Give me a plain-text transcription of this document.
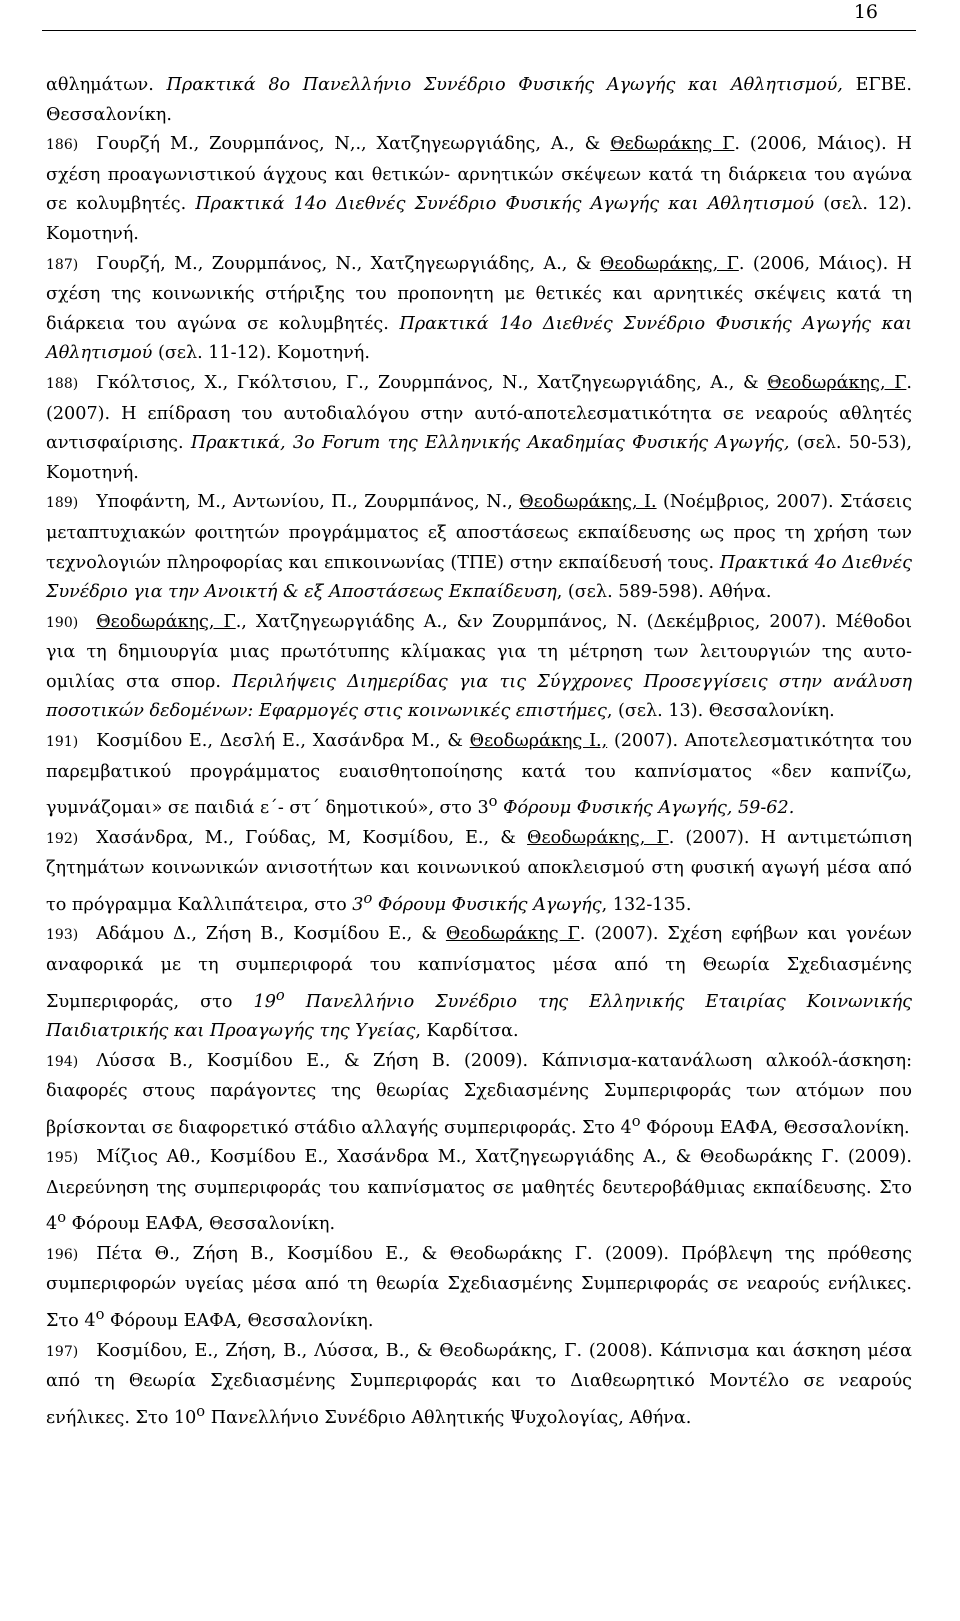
16

αθλημάτων. Πρακτικά 8ο Πανελλήνιο Συνέδριο Φυσικής Αγωγής και Αθλητισμού, ΕΓΒΕ. Θεσσαλονίκη.

186) Γουρζή Μ., Ζουρμπάνος, Ν,., Χατζηγεωργιάδης, Α., & Θεδωράκης Γ. (2006, Μάιος). Η σχέση προαγωνιστικού άγχους και θετικών- αρνητικών σκέψεων κατά τη διάρκεια του αγώνα σε κολυμβητές. Πρακτικά 14ο Διεθνές Συνέδριο Φυσικής Αγωγής και Αθλητισμού (σελ. 12). Κομοτηνή.

187) Γουρζή, Μ., Ζουρμπάνος, Ν., Χατζηγεωργιάδης, Α., & Θεοδωράκης, Γ. (2006, Μάιος). Η σχέση της κοινωνικής στήριξης του προπονητη με θετικές και αρνητικές σκέψεις κατά τη διάρκεια του αγώνα σε κολυμβητές. Πρακτικά 14ο Διεθνές Συνέδριο Φυσικής Αγωγής και Αθλητισμού (σελ. 11-12). Κομοτηνή.

188) Γκόλτσιος, Χ., Γκόλτσιου, Γ., Ζουρμπάνος, Ν., Χατζηγεωργιάδης, Α., & Θεοδωράκης, Γ. (2007). Η επίδραση του αυτοδιαλόγου στην αυτό-αποτελεσματικότητα σε νεαρούς αθλητές αντισφαίρισης. Πρακτικά, 3ο Forum της Ελληνικής Ακαδημίας Φυσικής Αγωγής, (σελ. 50-53), Κομοτηνή.

189) Υποφάντη, Μ., Αντωνίου, Π., Ζουρμπάνος, Ν., Θεοδωράκης, Ι. (Νοέμβριος, 2007). Στάσεις μεταπτυχιακών φοιτητών προγράμματος εξ αποστάσεως εκπαίδευσης ως προς τη χρήση των τεχνολογιών πληροφορίας και επικοινωνίας (ΤΠΕ) στην εκπαίδευσή τους. Πρακτικά 4ο Διεθνές Συνέδριο για την Ανοικτή & εξ Αποστάσεως Εκπαίδευση, (σελ. 589-598). Αθήνα.

190) Θεοδωράκης, Γ., Χατζηγεωργιάδης Α., &ν Ζουρμπάνος, Ν. (Δεκέμβριος, 2007). Μέθοδοι για τη δημιουργία μιας πρωτότυπης κλίμακας για τη μέτρηση των λειτουργιών της αυτο-ομιλίας στα σπορ. Περιλήψεις Διημερίδας για τις Σύγχρονες Προσεγγίσεις στην ανάλυση ποσοτικών δεδομένων: Εφαρμογές στις κοινωνικές επιστήμες, (σελ. 13). Θεσσαλονίκη.

191) Κοσμίδου Ε., Δεσλή Ε., Χασάνδρα Μ., & Θεοδωράκης Ι., (2007). Αποτελεσματικότητα του παρεμβατικού προγράμματος ευαισθητοποίησης κατά του καπνίσματος «δεν καπνίζω, γυμνάζομαι» σε παιδιά ε΄- στ΄ δημοτικού», στο $3^o$ Φόρουμ Φυσικής Αγωγής, 59-62.

192) Χασάνδρα, Μ., Γούδας, Μ, Κοσμίδου, Ε., & Θεοδωράκης, Γ. (2007). Η αντιμετώπιση ζητημάτων κοινωνικών ανισοτήτων και κοινωνικού αποκλεισμού στη φυσική αγωγή μέσα από το πρόγραμμα Καλλιπάτειρα, στο $3^o$ Φόρουμ Φυσικής Αγωγής, 132-135.

193) Αδάμου Δ., Ζήση Β., Κοσμίδου Ε., & Θεοδωράκης Γ. (2007). Σχέση εφήβων και γονέων αναφορικά με τη συμπεριφορά του καπνίσματος μέσα από τη Θεωρία Σχεδιασμένης Συμπεριφοράς, στο $19^o$ Πανελλήνιο Συνέδριο της Ελληνικής Εταιρίας Κοινωνικής Παιδιατρικής και Προαγωγής της Υγείας, Καρδίτσα.

194) Λύσσα Β., Κοσμίδου Ε., & Ζήση Β. (2009). Κάπνισμα-κατανάλωση αλκοόλ-άσκηση: διαφορές στους παράγοντες της θεωρίας Σχεδιασμένης Συμπεριφοράς των ατόμων που βρίσκονται σε διαφορετικό στάδιο αλλαγής συμπεριφοράς. Στο $4^o$ Φόρουμ ΕΑΦΑ, Θεσσαλονίκη.

195) Μίζιος Αθ., Κοσμίδου Ε., Χασάνδρα Μ., Χατζηγεωργιάδης Α., & Θεοδωράκης Γ. (2009). Διερεύνηση της συμπεριφοράς του καπνίσματος σε μαθητές δευτεροβάθμιας εκπαίδευσης. Στο $4^o$ Φόρουμ ΕΑΦΑ, Θεσσαλονίκη.

196) Πέτα Θ., Ζήση Β., Κοσμίδου Ε., & Θεοδωράκης Γ. (2009). Πρόβλεψη της πρόθεσης συμπεριφορών υγείας μέσα από τη θεωρία Σχεδιασμένης Συμπεριφοράς σε νεαρούς ενήλικες. Στο $4^o$ Φόρουμ ΕΑΦΑ, Θεσσαλονίκη.

197) Κοσμίδου, Ε., Ζήση, Β., Λύσσα, Β., & Θεοδωράκης, Γ. (2008). Κάπνισμα και άσκηση μέσα από τη Θεωρία Σχεδιασμένης Συμπεριφοράς και το Διαθεωρητικό Μοντέλο σε νεαρούς ενήλικες. Στο $10^o$ Πανελλήνιο Συνέδριο Αθλητικής Ψυχολογίας, Αθήνα.
